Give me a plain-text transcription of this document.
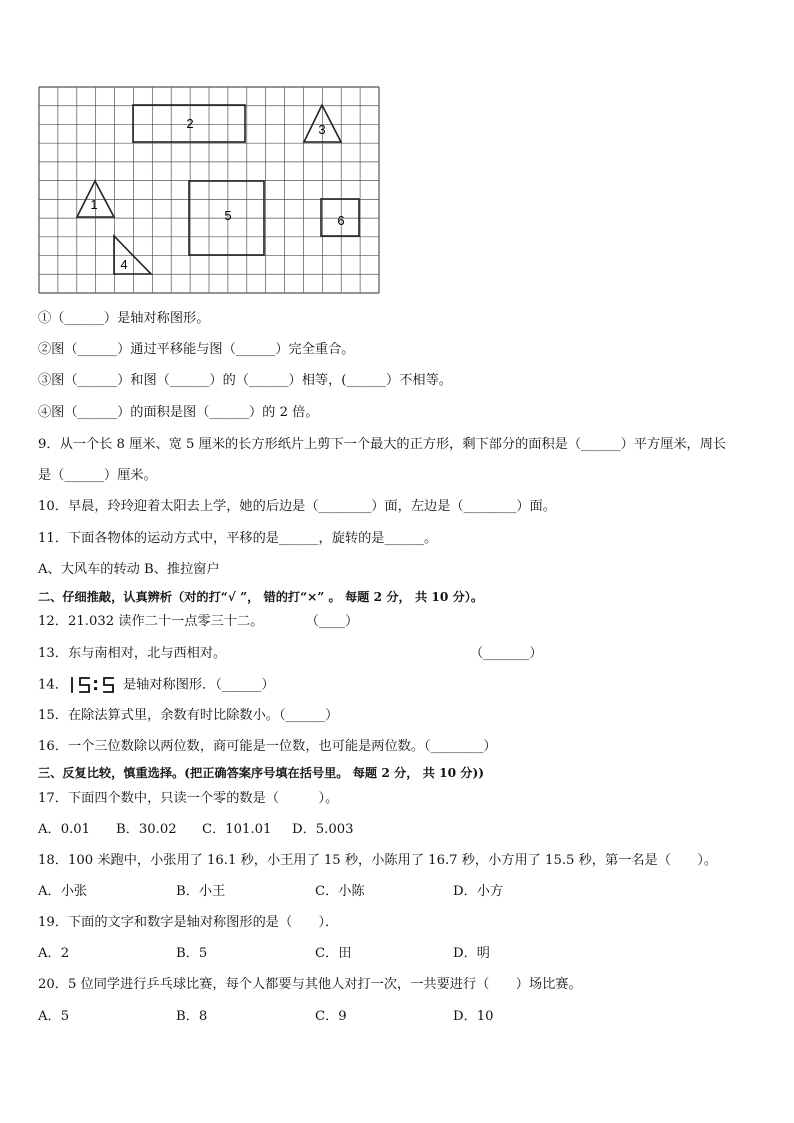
2	3
1
5	6
4
①（______）是轴对称图形。
②图（______）通过平移能与图（______）完全重合。
③图（______）和图（______）的（______）相等，(______）不相等。
④图（______）的面积是图（______）的 2 倍。
9．从一个长 8 厘米、宽 5 厘米的长方形纸片上剪下一个最大的正方形，剩下部分的面积是（______）平方厘米，周长
是（______）厘米。
10．早晨，玲玲迎着太阳去上学，她的后边是（________）面，左边是（________）面。
11．下面各物体的运动方式中，平移的是______，旋转的是______。
A、大风车的转动 B、推拉窗户
二、仔细推敲，认真辨析（对的打“√ ”， 错的打“×” 。 每题 2 分， 共 10 分）。
12．21.032 读作二十一点零三十二。	（____）
13．东与南相对，北与西相对。	（_______）
14．	是轴对称图形．（______）
15．在除法算式里，余数有时比除数小。（______）
16．一个三位数除以两位数，商可能是一位数，也可能是两位数。（________）
三、反复比较，慎重选择。(把正确答案序号填在括号里。 每题 2 分， 共 10 分))
17．下面四个数中，只读一个零的数是（　　　）。
A．0.01 B．30.02 C．101.01 D．5.003
18．100 米跑中，小张用了 16.1 秒，小王用了 15 秒，小陈用了 16.7 秒，小方用了 15.5 秒，第一名是（　　）。
A．小张	B．小王	C．小陈	D．小方
19．下面的文字和数字是轴对称图形的是（　　）．
A．2	B．5	C．田	D．明
20．5 位同学进行乒乓球比赛，每个人都要与其他人对打一次，一共要进行（　　）场比赛。
A．5	B．8	C．9	D．10
